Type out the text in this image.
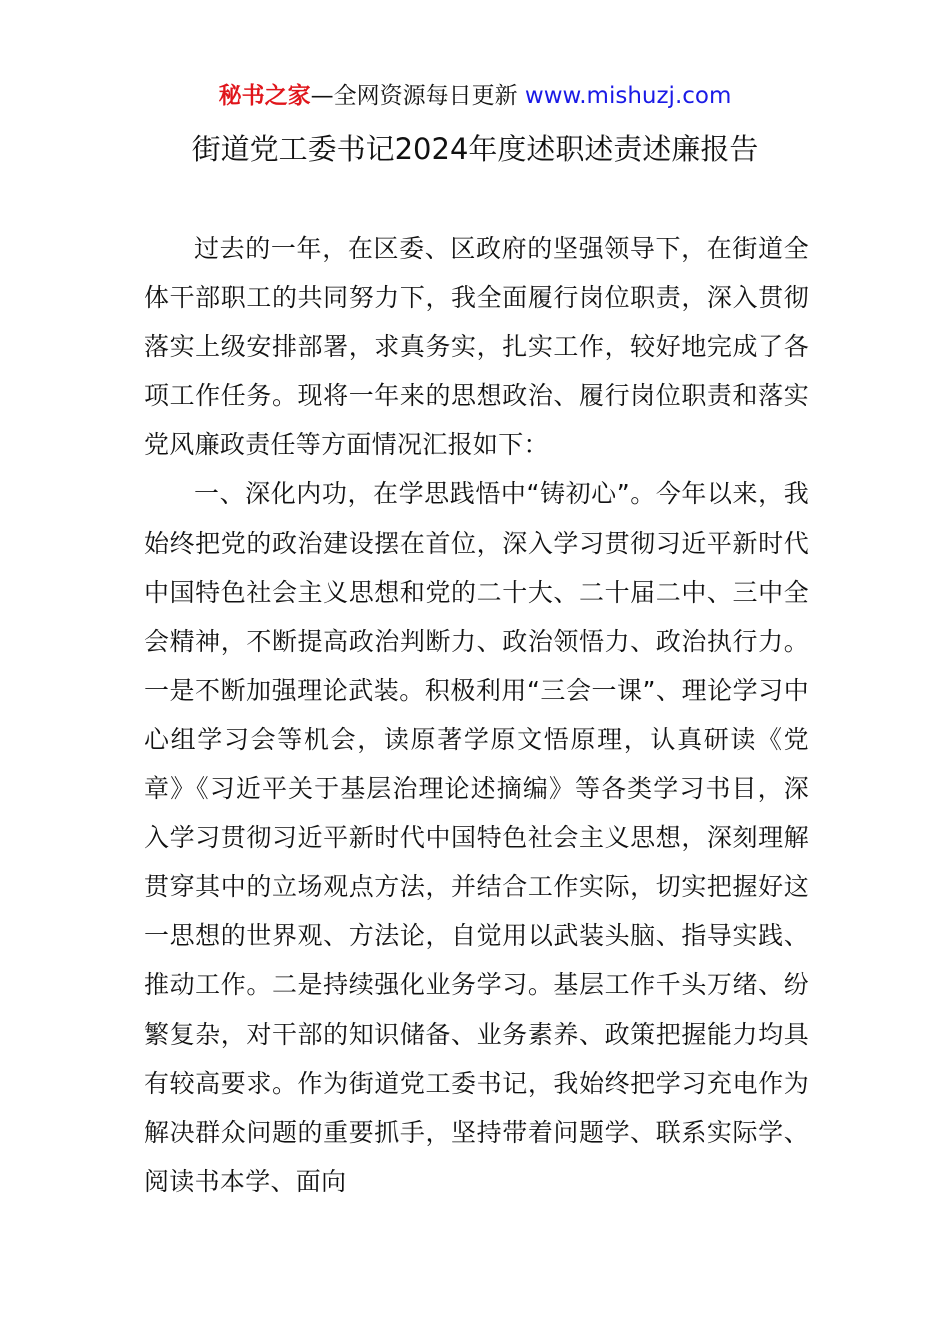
秘书之家—全网资源每日更新 www.mishuzj.com
街道党工委书记2024年度述职述责述廉报告

过去的一年，在区委、区政府的坚强领导下，在街道全体干部职工的共同努力下，我全面履行岗位职责，深入贯彻落实上级安排部署，求真务实，扎实工作，较好地完成了各项工作任务。现将一年来的思想政治、履行岗位职责和落实党风廉政责任等方面情况汇报如下：

一、深化内功，在学思践悟中“铸初心”。今年以来，我始终把党的政治建设摆在首位，深入学习贯彻习近平新时代中国特色社会主义思想和党的二十大、二十届二中、三中全会精神，不断提高政治判断力、政治领悟力、政治执行力。一是不断加强理论武装。积极利用“三会一课”、理论学习中心组学习会等机会，读原著学原文悟原理，认真研读《党章》《习近平关于基层治理论述摘编》等各类学习书目，深入学习贯彻习近平新时代中国特色社会主义思想，深刻理解贯穿其中的立场观点方法，并结合工作实际，切实把握好这一思想的世界观、方法论，自觉用以武装头脑、指导实践、推动工作。二是持续强化业务学习。基层工作千头万绪、纷繁复杂，对干部的知识储备、业务素养、政策把握能力均具有较高要求。作为街道党工委书记，我始终把学习充电作为解决群众问题的重要抓手，坚持带着问题学、联系实际学、阅读书本学、面向
